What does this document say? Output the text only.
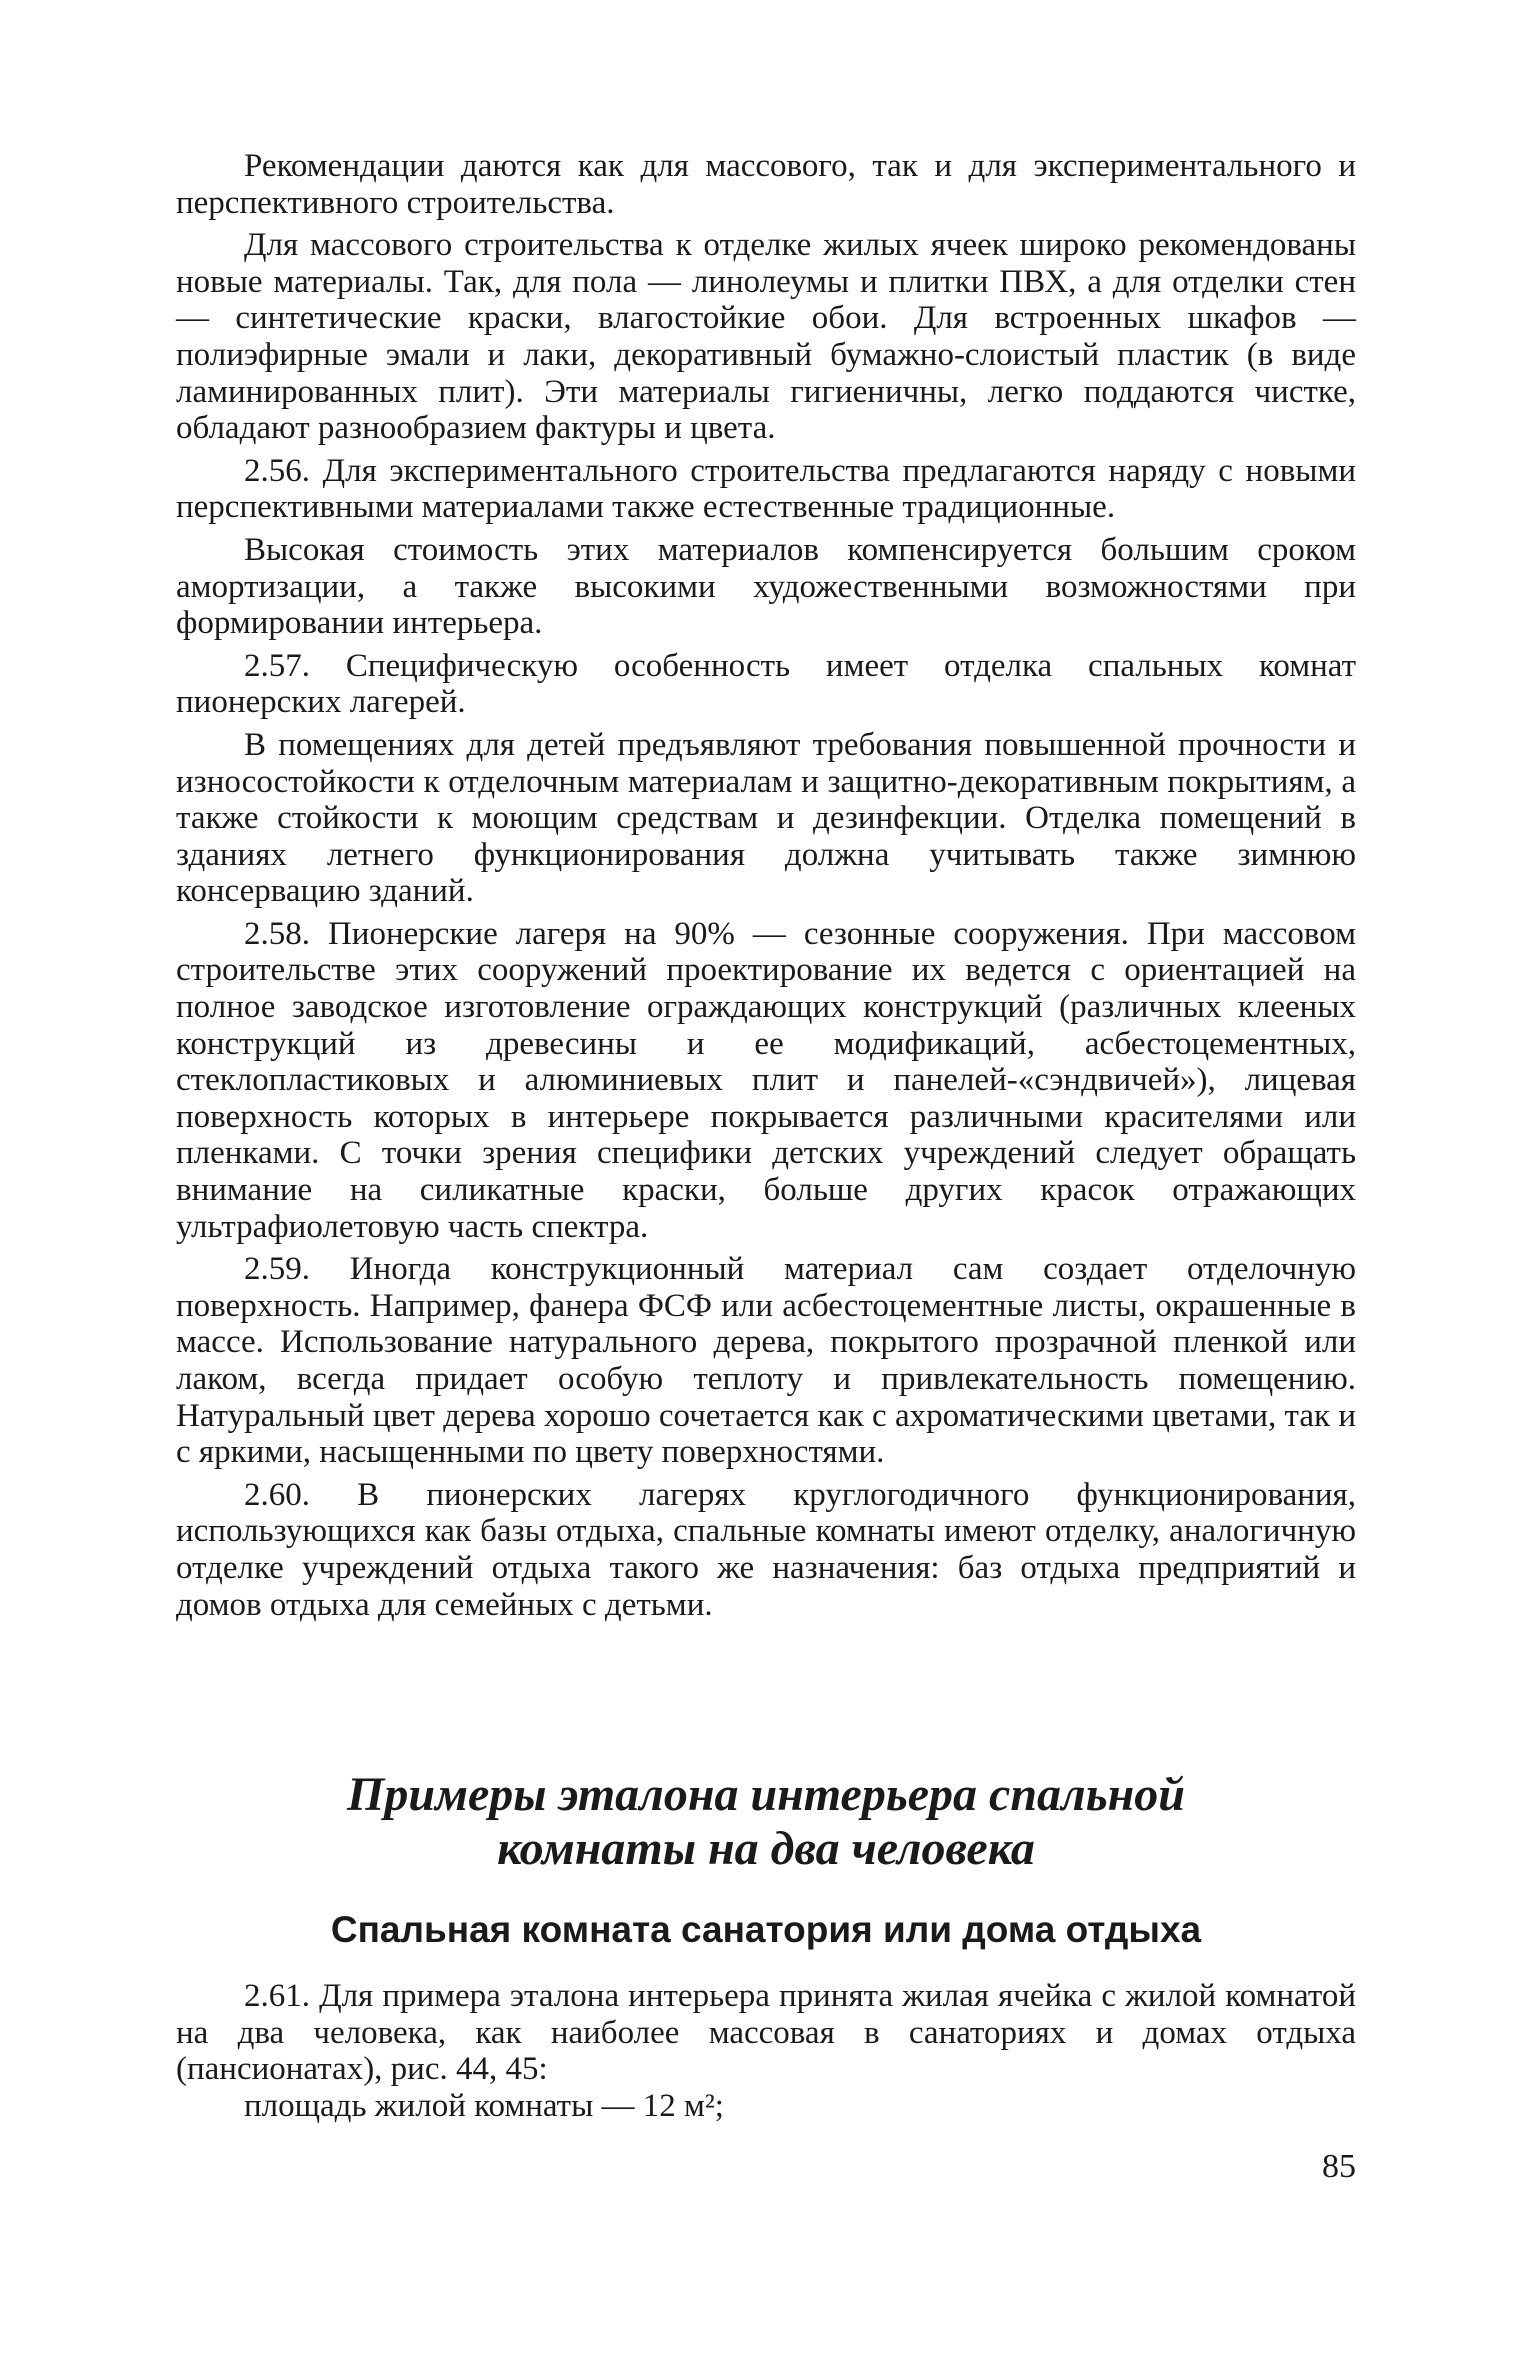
Рекомендации даются как для массового, так и для экспериментального и перспективного строительства.

Для массового строительства к отделке жилых ячеек широко рекомендованы новые материалы. Так, для пола — линолеумы и плитки ПВХ, а для отделки стен — синтетические краски, влагостойкие обои. Для встроенных шкафов — полиэфирные эмали и лаки, декоративный бумажно-слоистый пластик (в виде ламинированных плит). Эти материалы гигиеничны, легко поддаются чистке, обладают разнообразием фактуры и цвета.

2.56. Для экспериментального строительства предлагаются наряду с новыми перспективными материалами также естественные традиционные.

Высокая стоимость этих материалов компенсируется большим сроком амортизации, а также высокими художественными возможностями при формировании интерьера.

2.57. Специфическую особенность имеет отделка спальных комнат пионерских лагерей.

В помещениях для детей предъявляют требования повышенной прочности и износостойкости к отделочным материалам и защитно-декоративным покрытиям, а также стойкости к моющим средствам и дезинфекции. Отделка помещений в зданиях летнего функционирования должна учитывать также зимнюю консервацию зданий.

2.58. Пионерские лагеря на 90% — сезонные сооружения. При массовом строительстве этих сооружений проектирование их ведется с ориентацией на полное заводское изготовление ограждающих конструкций (различных клееных конструкций из древесины и ее модификаций, асбестоцементных, стеклопластиковых и алюминиевых плит и панелей-«сэндвичей»), лицевая поверхность которых в интерьере покрывается различными красителями или пленками. С точки зрения специфики детских учреждений следует обращать внимание на силикатные краски, больше других красок отражающих ультрафиолетовую часть спектра.

2.59. Иногда конструкционный материал сам создает отделочную поверхность. Например, фанера ФСФ или асбестоцементные листы, окрашенные в массе. Использование натурального дерева, покрытого прозрачной пленкой или лаком, всегда придает особую теплоту и привлекательность помещению. Натуральный цвет дерева хорошо сочетается как с ахроматическими цветами, так и с яркими, насыщенными по цвету поверхностями.

2.60. В пионерских лагерях круглогодичного функционирования, использующихся как базы отдыха, спальные комнаты имеют отделку, аналогичную отделке учреждений отдыха такого же назначения: баз отдыха предприятий и домов отдыха для семейных с детьми.

Примеры эталона интерьера спальной
комнаты на два человека
Спальная комната санатория или дома отдыха

2.61. Для примера эталона интерьера принята жилая ячейка с жилой комнатой на два человека, как наиболее массовая в санаториях и домах отдыха (пансионатах), рис. 44, 45:

площадь жилой комнаты — 12 м²;

85
